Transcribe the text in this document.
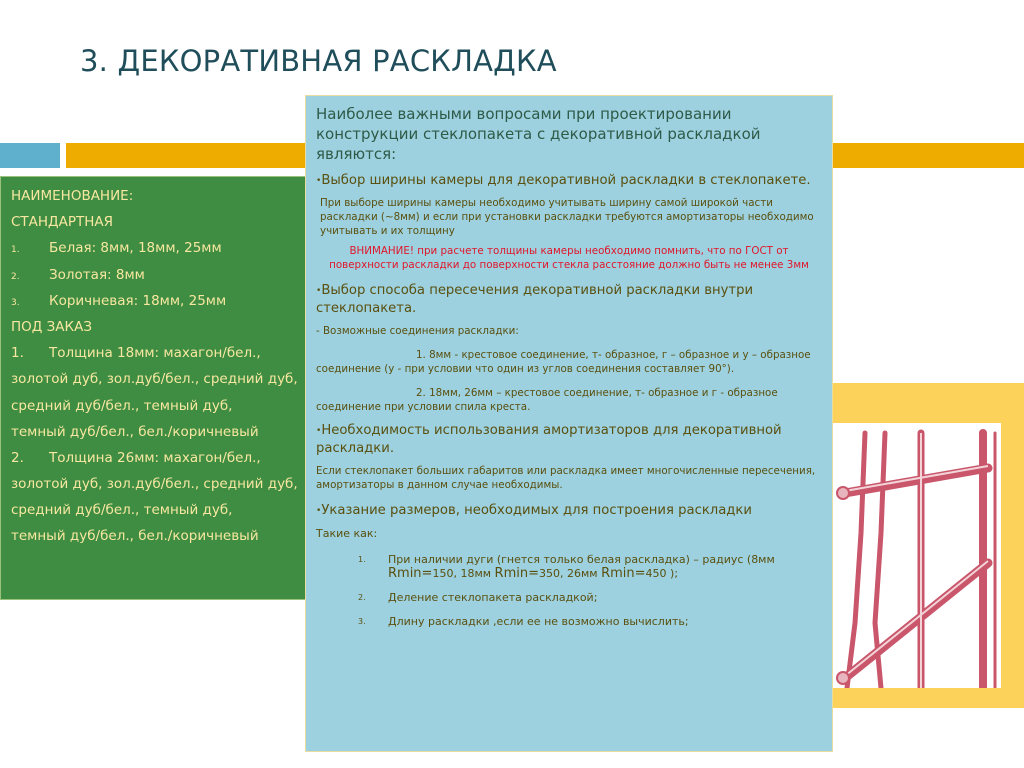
3. ДЕКОРАТИВНАЯ РАСКЛАДКА
НАИМЕНОВАНИЕ:
СТАНДАРТНАЯ
1. Белая: 8мм, 18мм, 25мм
2. Золотая: 8мм
3. Коричневая: 18мм, 25мм
ПОД ЗАКАЗ
1. Толщина 18мм: махагон/бел.,
золотой дуб, зол.дуб/бел., средний дуб,
средний дуб/бел., темный дуб,
темный дуб/бел., бел./коричневый
2. Толщина 26мм: махагон/бел.,
золотой дуб, зол.дуб/бел., средний дуб,
средний дуб/бел., темный дуб,
темный дуб/бел., бел./коричневый
Наиболее важными вопросами при проектировании конструкции стеклопакета с декоративной раскладкой являются:
•Выбор ширины камеры для декоративной раскладки в стеклопакете.
При выборе ширины камеры необходимо учитывать ширину самой широкой части раскладки (~8мм) и если при установки раскладки требуются амортизаторы необходимо учитывать и их толщину
ВНИМАНИЕ! при расчете толщины камеры необходимо помнить, что по ГОСТ от поверхности раскладки до поверхности стекла расстояние должно быть не менее 3мм
•Выбор способа пересечения декоративной раскладки внутри стеклопакета.
- Возможные соединения раскладки:
1. 8мм - крестовое соединение, т- образное, г – образное и у – образное соединение (у - при условии что один из углов соединения составляет 90°).
2. 18мм, 26мм – крестовое соединение, т- образное и г - образное соединение при условии спила креста.
•Необходимость использования амортизаторов для декоративной раскладки.
Если стеклопакет больших габаритов или раскладка имеет многочисленные пересечения, амортизаторы в данном случае необходимы.
•Указание размеров, необходимых для построения раскладки
Такие как:
1.	При наличии дуги (гнется только белая раскладка) – радиус (8мм Rmin=150, 18мм Rmin=350, 26мм Rmin=450 );
2.	Деление стеклопакета раскладкой;
3.	Длину раскладки ,если ее не возможно вычислить;
